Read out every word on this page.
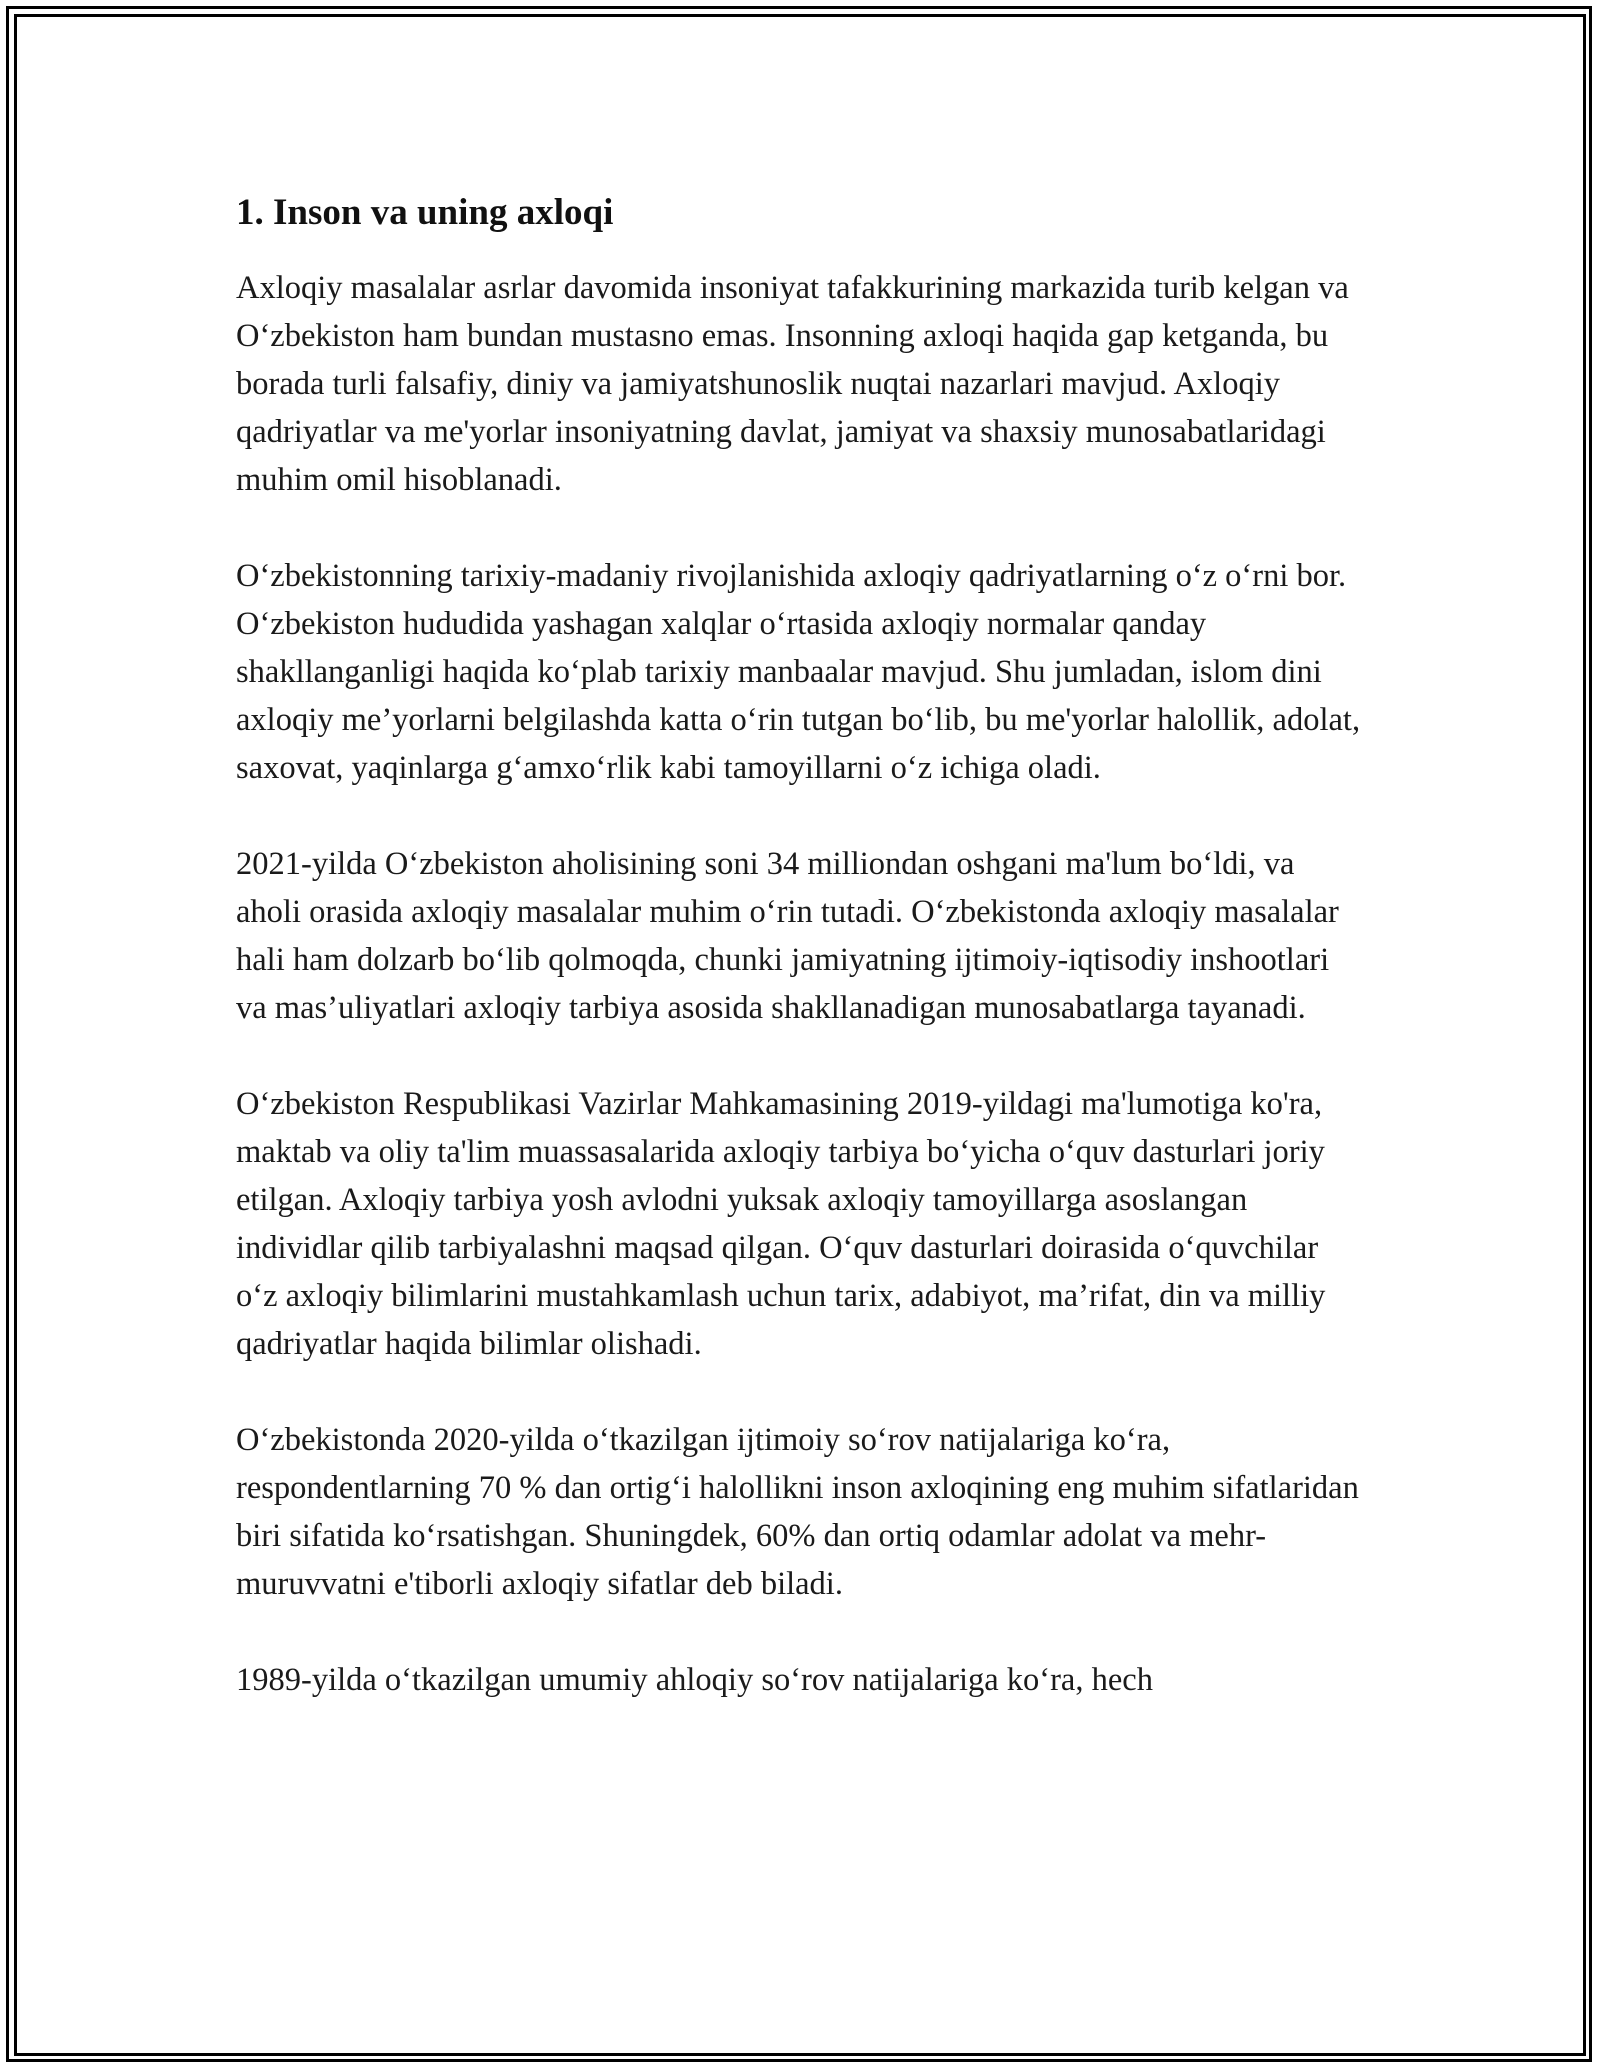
1. Inson va uning axloqi

Axloqiy masalalar asrlar davomida insoniyat tafakkurining markazida turib kelgan va O‘zbekiston ham bundan mustasno emas. Insonning axloqi haqida gap ketganda, bu borada turli falsafiy, diniy va jamiyatshunoslik nuqtai nazarlari mavjud. Axloqiy qadriyatlar va me'yorlar insoniyatning davlat, jamiyat va shaxsiy munosabatlaridagi muhim omil hisoblanadi.

O‘zbekistonning tarixiy-madaniy rivojlanishida axloqiy qadriyatlarning o‘z o‘rni bor. O‘zbekiston hududida yashagan xalqlar o‘rtasida axloqiy normalar qanday shakllanganligi haqida ko‘plab tarixiy manbaalar mavjud. Shu jumladan, islom dini axloqiy me’yorlarni belgilashda katta o‘rin tutgan bo‘lib, bu me'yorlar halollik, adolat, saxovat, yaqinlarga g‘amxo‘rlik kabi tamoyillarni o‘z ichiga oladi.

2021-yilda O‘zbekiston aholisining soni 34 milliondan oshgani ma'lum bo‘ldi, va aholi orasida axloqiy masalalar muhim o‘rin tutadi. O‘zbekistonda axloqiy masalalar hali ham dolzarb bo‘lib qolmoqda, chunki jamiyatning ijtimoiy-iqtisodiy inshootlari va mas’uliyatlari axloqiy tarbiya asosida shakllanadigan munosabatlarga tayanadi.

O‘zbekiston Respublikasi Vazirlar Mahkamasining 2019-yildagi ma'lumotiga ko'ra, maktab va oliy ta'lim muassasalarida axloqiy tarbiya bo‘yicha o‘quv dasturlari joriy etilgan. Axloqiy tarbiya yosh avlodni yuksak axloqiy tamoyillarga asoslangan individlar qilib tarbiyalashni maqsad qilgan. O‘quv dasturlari doirasida o‘quvchilar o‘z axloqiy bilimlarini mustahkamlash uchun tarix, adabiyot, ma’rifat, din va milliy qadriyatlar haqida bilimlar olishadi.

O‘zbekistonda 2020-yilda o‘tkazilgan ijtimoiy so‘rov natijalariga ko‘ra, respondentlarning 70 % dan ortig‘i halollikni inson axloqining eng muhim sifatlaridan biri sifatida ko‘rsatishgan. Shuningdek, 60% dan ortiq odamlar adolat va mehr-muruvvatni e'tiborli axloqiy sifatlar deb biladi.

1989-yilda o‘tkazilgan umumiy ahloqiy so‘rov natijalariga ko‘ra, hech
